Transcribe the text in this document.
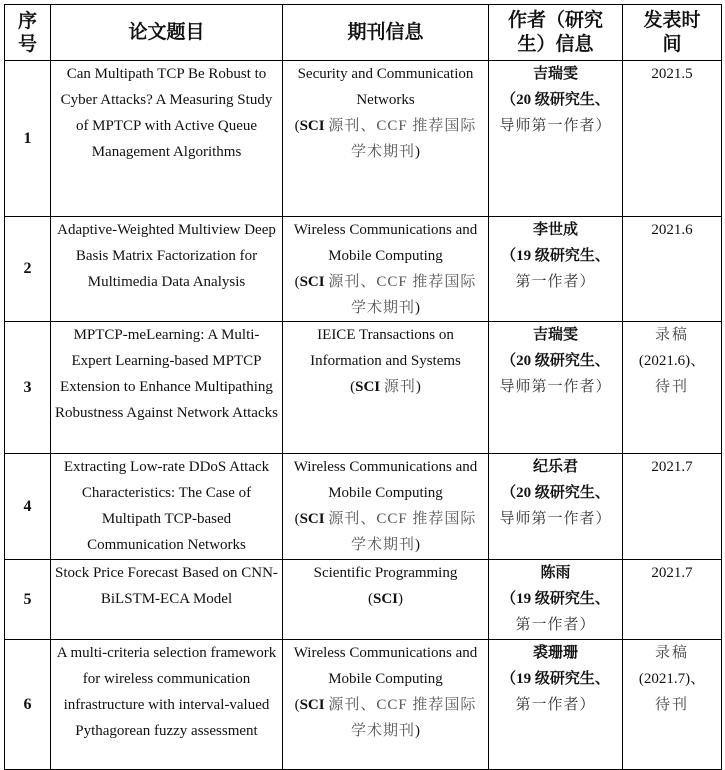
序
号	论文题目	期刊信息	作者（研究
生）信息	发表时
间
1	Can Multipath TCP Be Robust to Cyber Attacks? A Measuring Study of MPTCP with Active Queue Management Algorithms	Security and Communication Networks
(SCI 源刊、CCF 推荐国际学术期刊)	吉瑞雯
（20 级研究生、
导师第一作者）	2021.5
2	Adaptive-Weighted Multiview Deep Basis Matrix Factorization for Multimedia Data Analysis	Wireless Communications and Mobile Computing
(SCI 源刊、CCF 推荐国际学术期刊)	李世成
（19 级研究生、
第一作者）	2021.6
3	MPTCP-meLearning: A Multi-Expert Learning-based MPTCP Extension to Enhance Multipathing Robustness Against Network Attacks	IEICE Transactions on Information and Systems
(SCI 源刊)	吉瑞雯
（20 级研究生、
导师第一作者）	录稿
(2021.6)、
待刊
4	Extracting Low-rate DDoS Attack Characteristics: The Case of Multipath TCP-based Communication Networks	Wireless Communications and Mobile Computing
(SCI 源刊、CCF 推荐国际学术期刊)	纪乐君
（20 级研究生、
导师第一作者）	2021.7
5	Stock Price Forecast Based on CNN-BiLSTM-ECA Model	Scientific Programming
(SCI)	陈雨
（19 级研究生、
第一作者）	2021.7
6	A multi-criteria selection framework for wireless communication infrastructure with interval-valued Pythagorean fuzzy assessment	Wireless Communications and Mobile Computing
(SCI 源刊、CCF 推荐国际学术期刊)	裘珊珊
（19 级研究生、
第一作者）	录稿
(2021.7)、
待刊
